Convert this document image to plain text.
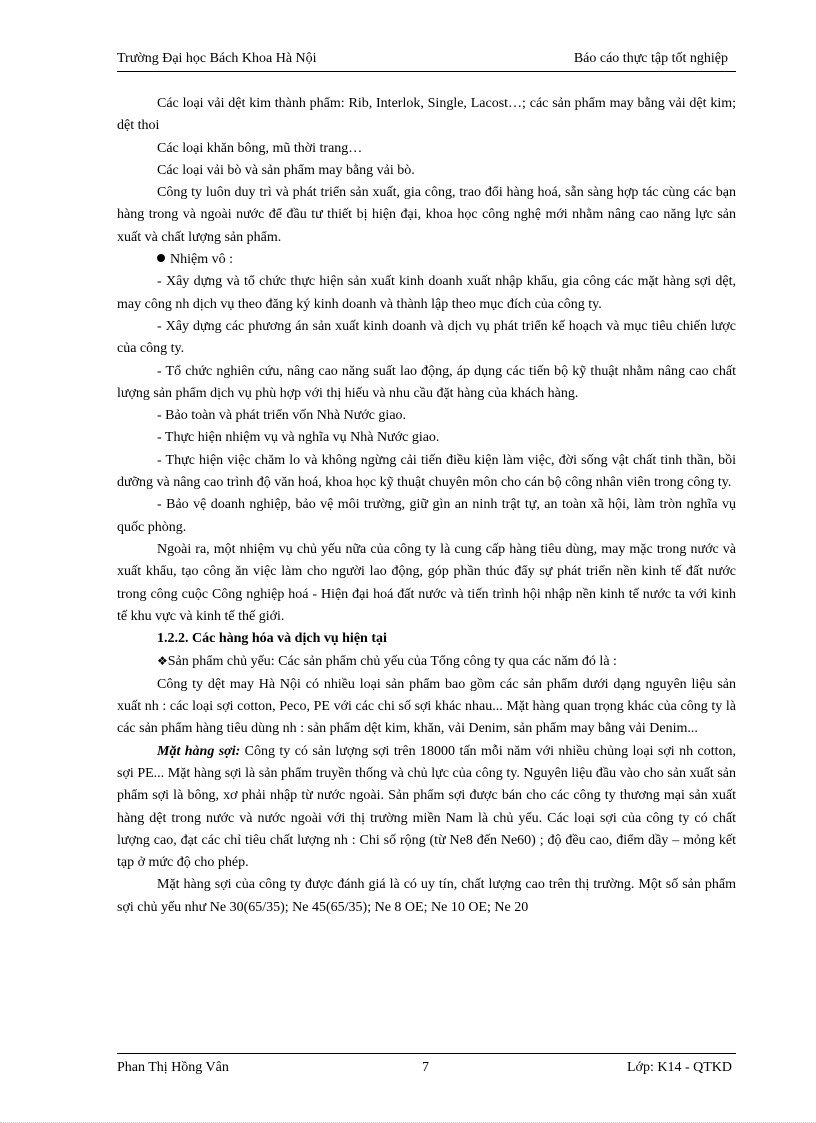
Trường Đại học Bách Khoa Hà Nội	Báo cáo thực tập tốt nghiệp

Các loại vải dệt kim thành phẩm: Rib, Interlok, Single, Lacost…; các sản phẩm may bằng vải dệt kim; dệt thoi

Các loại khăn bông, mũ thời trang…

Các loại vải bò và sản phẩm may bằng vải bò.

Công ty luôn duy trì và phát triển sản xuất, gia công, trao đổi hàng hoá, sẵn sàng hợp tác cùng các bạn hàng trong và ngoài nước để đầu tư thiết bị hiện đại, khoa học công nghệ mới nhằm nâng cao năng lực sản xuất và chất lượng sản phẩm.

Nhiệm vô :

- Xây dựng và tổ chức thực hiện sản xuất kinh doanh xuất nhập khẩu, gia công các mặt hàng sợi dệt, may công nh dịch vụ theo đăng ký kinh doanh và thành lập theo mục đích của công ty.

- Xây dựng các phương án sản xuất kinh doanh và dịch vụ phát triển kế hoạch và mục tiêu chiến lược của công ty.

- Tổ chức nghiên cứu, nâng cao năng suất lao động, áp dụng các tiến bộ kỹ thuật nhằm nâng cao chất lượng sản phẩm dịch vụ phù hợp với thị hiếu và nhu cầu đặt hàng của khách hàng.

- Bảo toàn và phát triển vốn Nhà Nước giao.

- Thực hiện nhiệm vụ và nghĩa vụ Nhà Nước giao.

- Thực hiện việc chăm lo và không ngừng cải tiến điều kiện làm việc, đời sống vật chất tinh thần, bồi dưỡng và nâng cao trình độ văn hoá, khoa học kỹ thuật chuyên môn cho cán bộ công nhân viên trong công ty.

- Bảo vệ doanh nghiệp, bảo vệ môi trường, giữ gìn an ninh trật tự, an toàn xã hội, làm tròn nghĩa vụ quốc phòng.

Ngoài ra, một nhiệm vụ chủ yếu nữa của công ty là cung cấp hàng tiêu dùng, may mặc trong nước và xuất khẩu, tạo công ăn việc làm cho người lao động, góp phần thúc đẩy sự phát triển nền kinh tế đất nước trong công cuộc Công nghiệp hoá - Hiện đại hoá đất nước và tiến trình hội nhập nền kinh tế nước ta với kinh tế khu vực và kinh tế thế giới.

1.2.2. Các hàng hóa và dịch vụ hiện tại

❖Sản phẩm chủ yếu: Các sản phẩm chủ yếu của Tổng công ty qua các năm đó là :

Công ty dệt may Hà Nội có nhiều loại sản phẩm bao gồm các sản phẩm dưới dạng nguyên liệu sản xuất nh : các loại sợi cotton, Peco, PE với các chi số sợi khác nhau... Mặt hàng quan trọng khác của công ty là các sản phẩm hàng tiêu dùng nh : sản phẩm dệt kim, khăn, vải Denim, sản phẩm may bằng vải Denim...

Mặt hàng sợi: Công ty có sản lượng sợi trên 18000 tấn mỗi năm với nhiều chủng loại sợi nh cotton, sợi PE... Mặt hàng sợi là sản phẩm truyền thống và chủ lực của công ty. Nguyên liệu đầu vào cho sản xuất sản phẩm sợi là bông, xơ phải nhập từ nước ngoài. Sản phẩm sợi được bán cho các công ty thương mại sản xuất hàng dệt trong nước và nước ngoài với thị trường miền Nam là chủ yếu. Các loại sợi của công ty có chất lượng cao, đạt các chỉ tiêu chất lượng nh : Chi số rộng (từ Ne8 đến Ne60) ; độ đều cao, điểm dầy – mỏng kết tạp ở mức độ cho phép.

Mặt hàng sợi của công ty được đánh giá là có uy tín, chất lượng cao trên thị trường. Một số sản phẩm sợi chủ yếu như Ne 30(65/35); Ne 45(65/35); Ne 8 OE; Ne 10 OE; Ne 20

Phan Thị Hồng Vân	7	Lớp: K14 - QTKD
